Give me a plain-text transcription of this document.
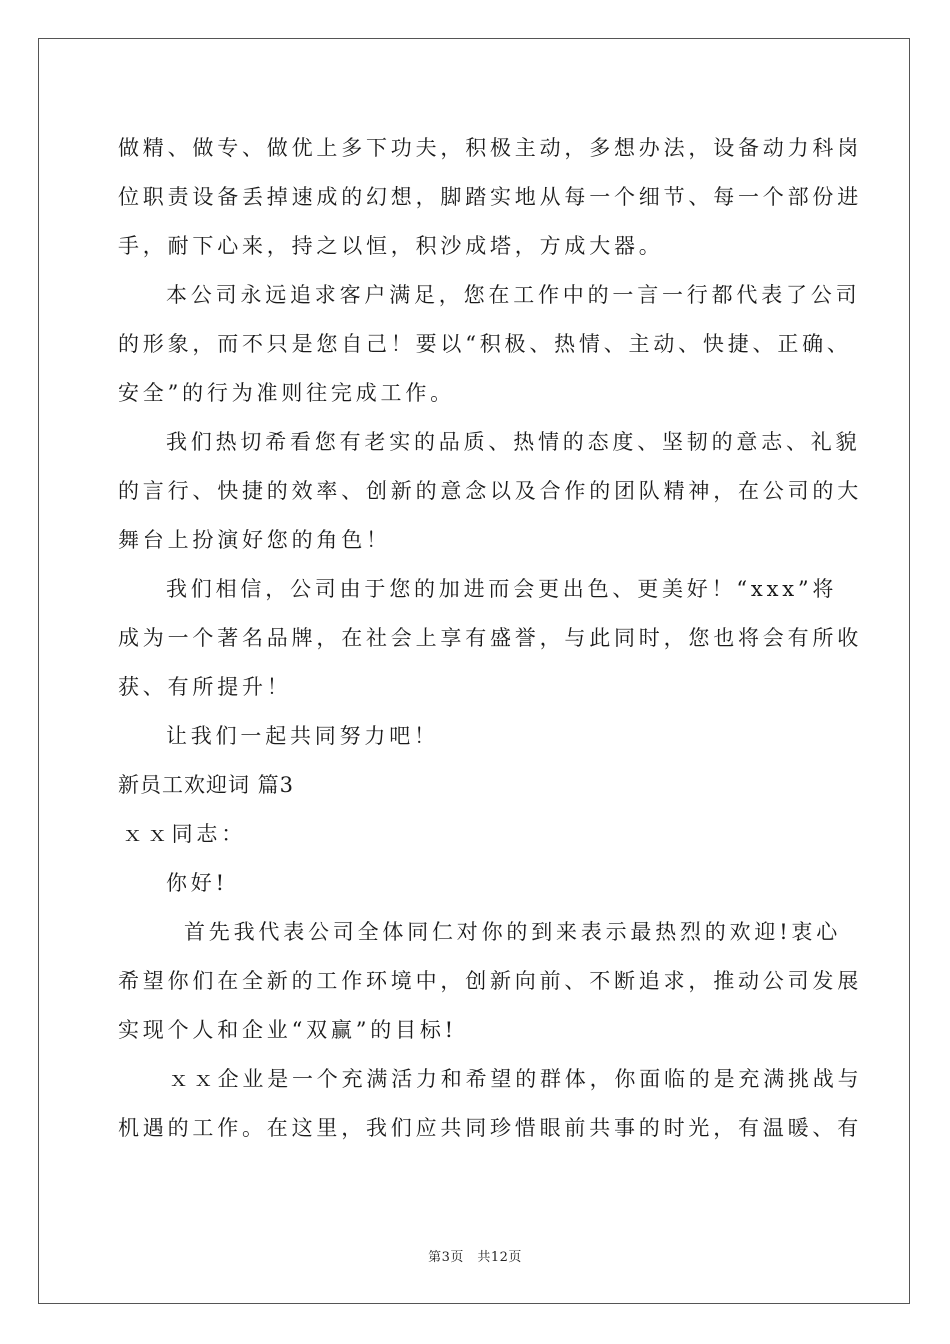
做精、做专、做优上多下功夫，积极主动，多想办法，设备动力科岗
位职责设备丢掉速成的幻想，脚踏实地从每一个细节、每一个部份进
手，耐下心来，持之以恒，积沙成塔，方成大器。
本公司永远追求客户满足，您在工作中的一言一行都代表了公司
的形象，而不只是您自己！要以“积极、热情、主动、快捷、正确、
安全”的行为准则往完成工作。
我们热切希看您有老实的品质、热情的态度、坚韧的意志、礼貌
的言行、快捷的效率、创新的意念以及合作的团队精神，在公司的大
舞台上扮演好您的角色！
我们相信，公司由于您的加进而会更出色、更美好！“xxx”将
成为一个著名品牌，在社会上享有盛誉，与此同时，您也将会有所收
获、有所提升！
让我们一起共同努力吧！
新员工欢迎词 篇3
ｘｘ同志：
你好!
首先我代表公司全体同仁对你的到来表示最热烈的欢迎!衷心
希望你们在全新的工作环境中，创新向前、不断追求，推动公司发展
实现个人和企业“双赢”的目标!
ｘｘ企业是一个充满活力和希望的群体，你面临的是充满挑战与
机遇的工作。在这里，我们应共同珍惜眼前共事的时光，有温暖、有
第3页　共12页
